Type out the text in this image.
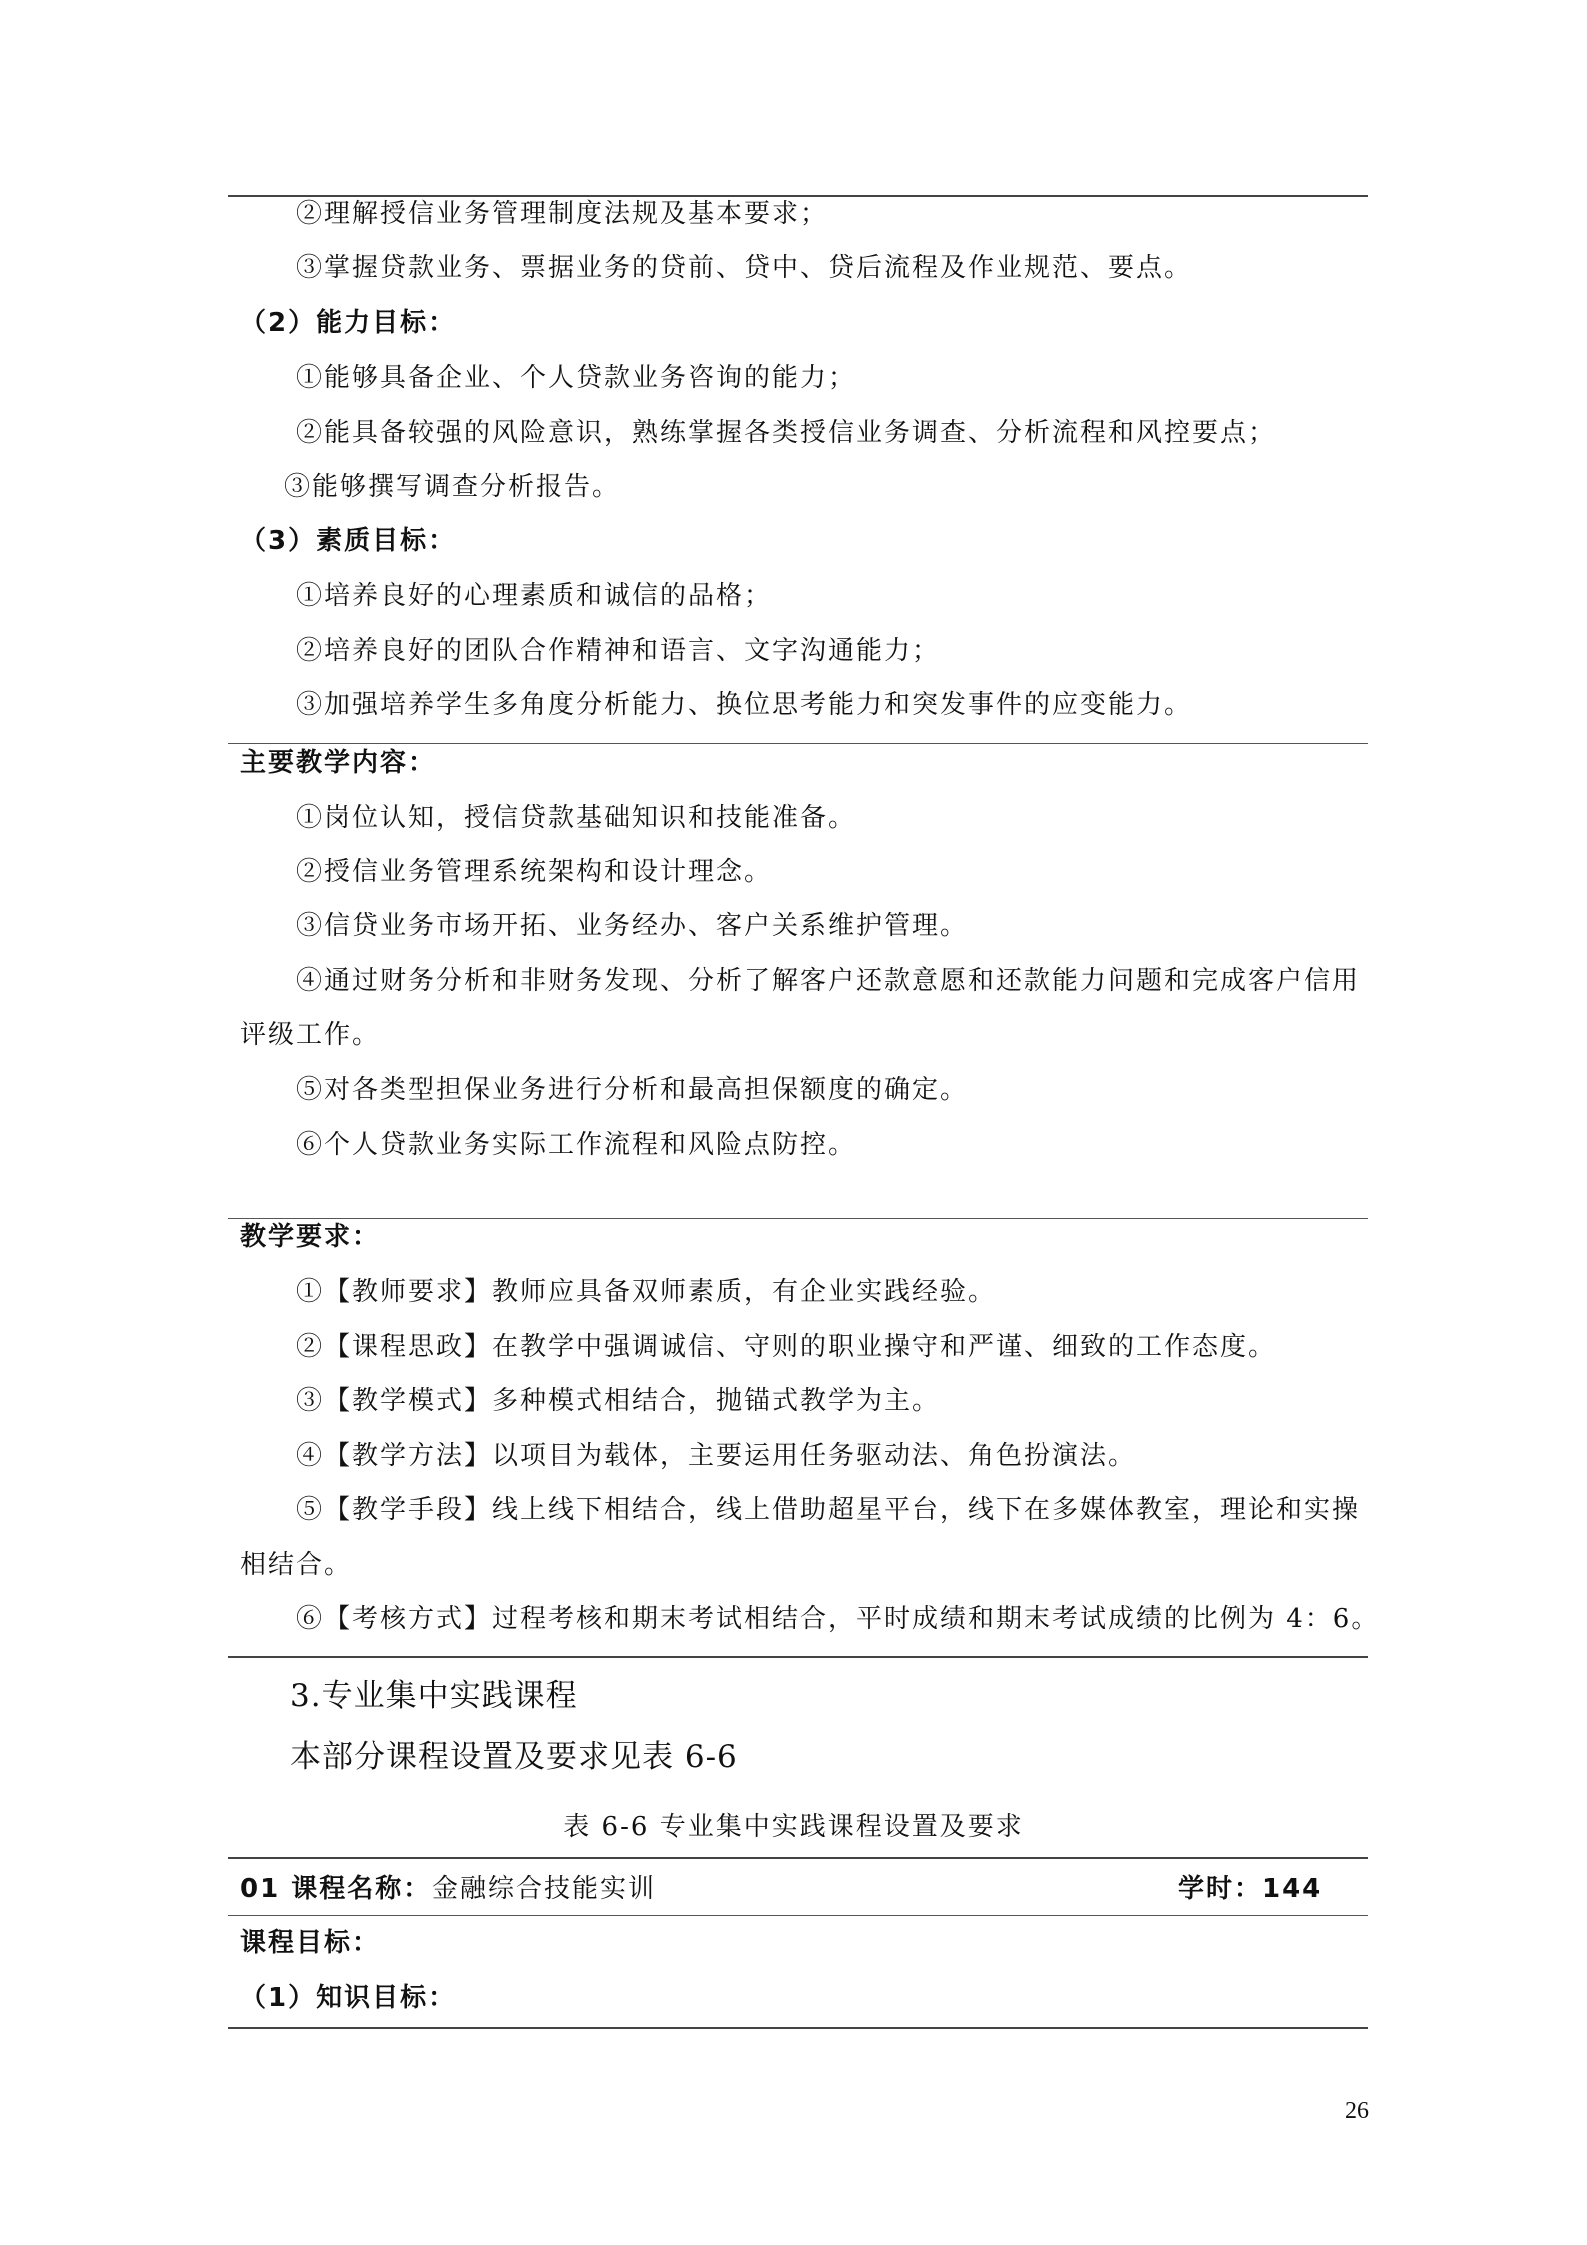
②理解授信业务管理制度法规及基本要求；
③掌握贷款业务、票据业务的贷前、贷中、贷后流程及作业规范、要点。
（2）能力目标：
①能够具备企业、个人贷款业务咨询的能力；
②能具备较强的风险意识，熟练掌握各类授信业务调查、分析流程和风控要点；
③能够撰写调查分析报告。
（3）素质目标：
①培养良好的心理素质和诚信的品格；
②培养良好的团队合作精神和语言、文字沟通能力；
③加强培养学生多角度分析能力、换位思考能力和突发事件的应变能力。
主要教学内容：
①岗位认知，授信贷款基础知识和技能准备。
②授信业务管理系统架构和设计理念。
③信贷业务市场开拓、业务经办、客户关系维护管理。
④通过财务分析和非财务发现、分析了解客户还款意愿和还款能力问题和完成客户信用
评级工作。
⑤对各类型担保业务进行分析和最高担保额度的确定。
⑥个人贷款业务实际工作流程和风险点防控。
教学要求：
①【教师要求】教师应具备双师素质，有企业实践经验。
②【课程思政】在教学中强调诚信、守则的职业操守和严谨、细致的工作态度。
③【教学模式】多种模式相结合，抛锚式教学为主。
④【教学方法】以项目为载体，主要运用任务驱动法、角色扮演法。
⑤【教学手段】线上线下相结合，线上借助超星平台，线下在多媒体教室，理论和实操
相结合。
⑥【考核方式】过程考核和期末考试相结合，平时成绩和期末考试成绩的比例为 4：6。
3.专业集中实践课程
本部分课程设置及要求见表 6-6
表 6-6 专业集中实践课程设置及要求
01 课程名称： 金融综合技能实训	学时：144
课程目标：
（1）知识目标：
26
